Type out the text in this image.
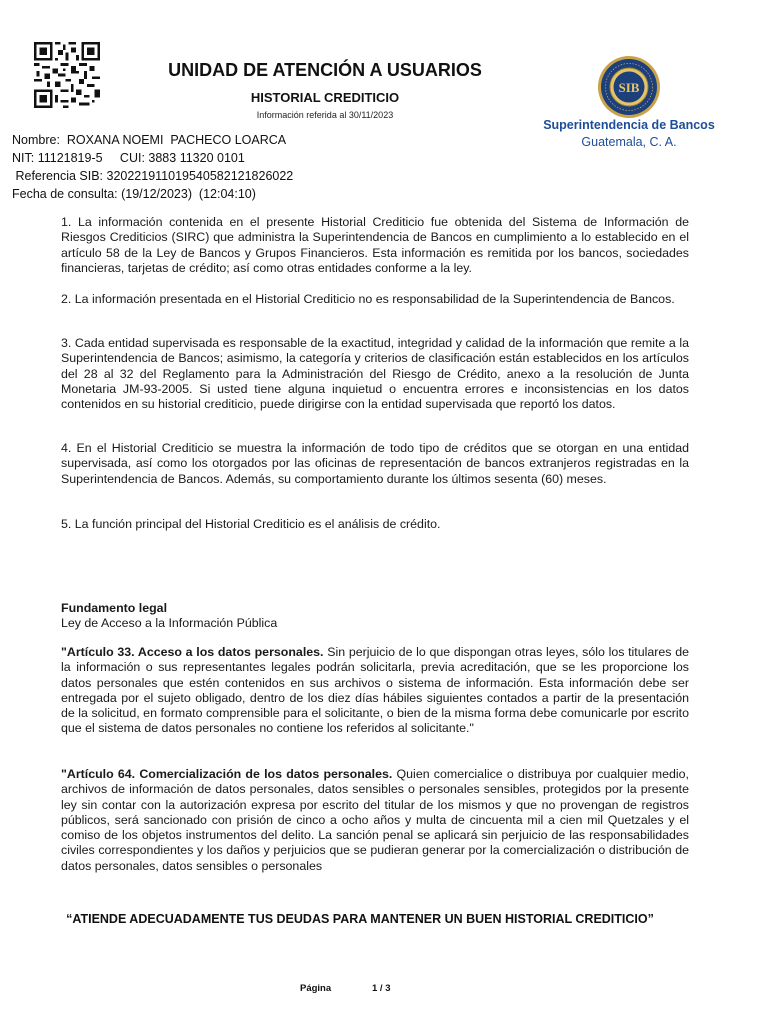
UNIDAD DE ATENCIÓN A USUARIOS
HISTORIAL CREDITICIO
Información referida al 30/11/2023
SIB
Superintendencia de Bancos
Guatemala, C. A.
Nombre:  ROXANA NOEMI  PACHECO LOARCA
NIT: 11121819-5     CUI: 3883 11320 0101
Referencia SIB: 32022191101954058212182602​2
Fecha de consulta: (19/12/2023)  (12:04:10)
1. La información contenida en el presente Historial Crediticio fue obtenida del Sistema de Información de Riesgos Crediticios (SIRC) que administra la Superintendencia de Bancos en cumplimiento a lo establecido en el artículo 58 de la Ley de Bancos y Grupos Financieros. Esta información es remitida por los bancos, sociedades financieras, tarjetas de crédito; así como otras entidades conforme a la ley.
2. La información presentada en el Historial Crediticio no es responsabilidad de la Superintendencia de Bancos.
3. Cada entidad supervisada es responsable de la exactitud, integridad y calidad de la información que remite a la Superintendencia de Bancos; asimismo, la categoría y criterios de clasificación están establecidos en los artículos del 28 al 32 del Reglamento para la Administración del Riesgo de Crédito, anexo a la resolución de Junta Monetaria JM-93-2005. Si usted tiene alguna inquietud o encuentra errores e inconsistencias en los datos contenidos en su historial crediticio, puede dirigirse con la entidad supervisada que reportó los datos.
4. En el Historial Crediticio se muestra la información de todo tipo de créditos que se otorgan en una entidad supervisada, así como los otorgados por las oficinas de representación de bancos extranjeros registradas en la Superintendencia de Bancos. Además, su comportamiento durante los últimos sesenta (60) meses.
5. La función principal del Historial Crediticio es el análisis de crédito.
Fundamento legal
Ley de Acceso a la Información Pública
"Artículo 33. Acceso a los datos personales. Sin perjuicio de lo que dispongan otras leyes, sólo los titulares de la información o sus representantes legales podrán solicitarla, previa acreditación, que se les proporcione los datos personales que estén contenidos en sus archivos o sistema de información. Esta información debe ser entregada por el sujeto obligado, dentro de los diez días hábiles siguientes contados a partir de la presentación de la solicitud, en formato comprensible para el solicitante, o bien de la misma forma debe comunicarle por escrito que el sistema de datos personales no contiene los referidos al solicitante."
"Artículo 64. Comercialización de los datos personales. Quien comercialice o distribuya por cualquier medio, archivos de información de datos personales, datos sensibles o personales sensibles, protegidos por la presente ley sin contar con la autorización expresa por escrito del titular de los mismos y que no provengan de registros públicos, será sancionado con prisión de cinco a ocho años y multa de cincuenta mil a cien mil Quetzales y el comiso de los objetos instrumentos del delito. La sanción penal se aplicará sin perjuicio de las responsabilidades civiles correspondientes y los daños y perjuicios que se pudieran generar por la comercialización o distribución de datos personales, datos sensibles o personales
“ATIENDE ADECUADAMENTE TUS DEUDAS PARA MANTENER UN BUEN HISTORIAL CREDITICIO”
Página	1 / 3
